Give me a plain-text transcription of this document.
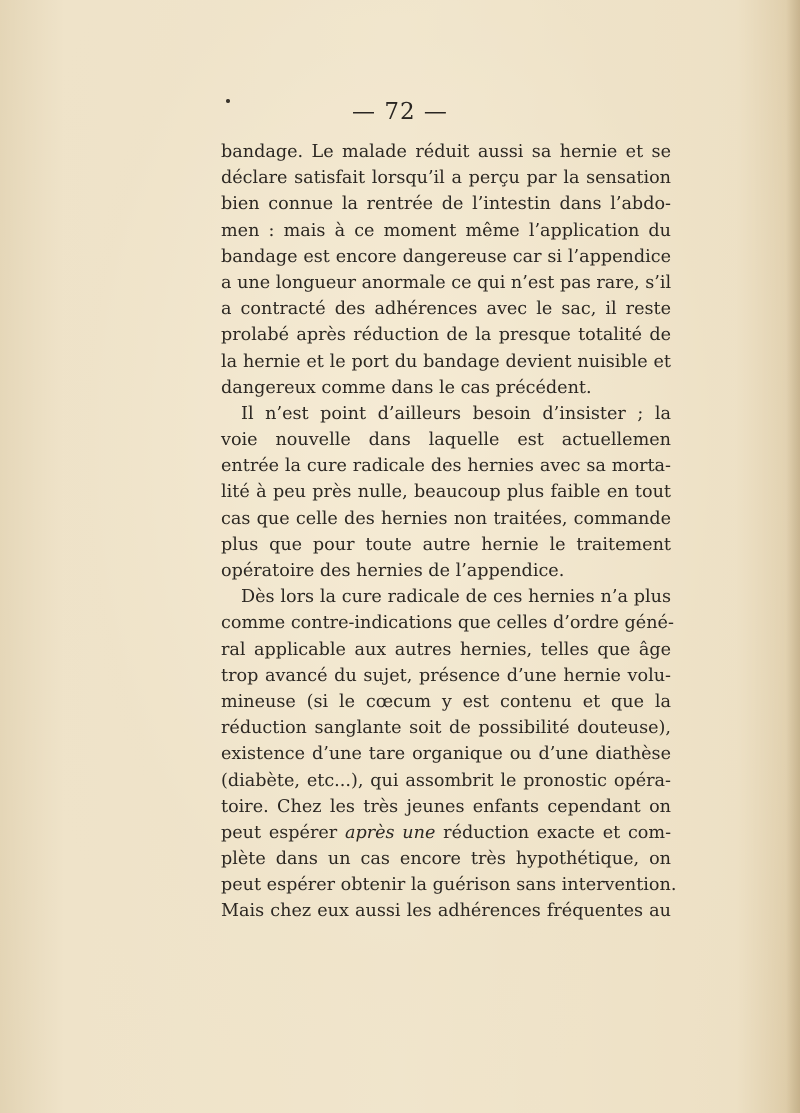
— 72 —
bandage. Le malade réduit aussi sa hernie et se
déclare satisfait lorsqu’il a perçu par la sensation
bien connue la rentrée de l’intestin dans l’abdo-
men : mais à ce moment même l’application du
bandage est encore dangereuse car si l’appendice
a une longueur anormale ce qui n’est pas rare, s’il
a contracté des adhérences avec le sac, il reste
prolabé après réduction de la presque totalité de
la hernie et le port du bandage devient nuisible et
dangereux comme dans le cas précédent.
Il n’est point d’ailleurs besoin d’insister ; la
voie nouvelle dans laquelle est actuellemen
entrée la cure radicale des hernies avec sa morta-
lité à peu près nulle, beaucoup plus faible en tout
cas que celle des hernies non traitées, commande
plus que pour toute autre hernie le traitement
opératoire des hernies de l’appendice.
Dès lors la cure radicale de ces hernies n’a plus
comme contre-indications que celles d’ordre géné-
ral applicable aux autres hernies, telles que âge
trop avancé du sujet, présence d’une hernie volu-
mineuse (si le cœcum y est contenu et que la
réduction sanglante soit de possibilité douteuse),
existence d’une tare organique ou d’une diathèse
(diabète, etc...), qui assombrit le pronostic opéra-
toire. Chez les très jeunes enfants cependant on
peut espérer après une réduction exacte et com-
plète dans un cas encore très hypothétique, on
peut espérer obtenir la guérison sans intervention.
Mais chez eux aussi les adhérences fréquentes au
